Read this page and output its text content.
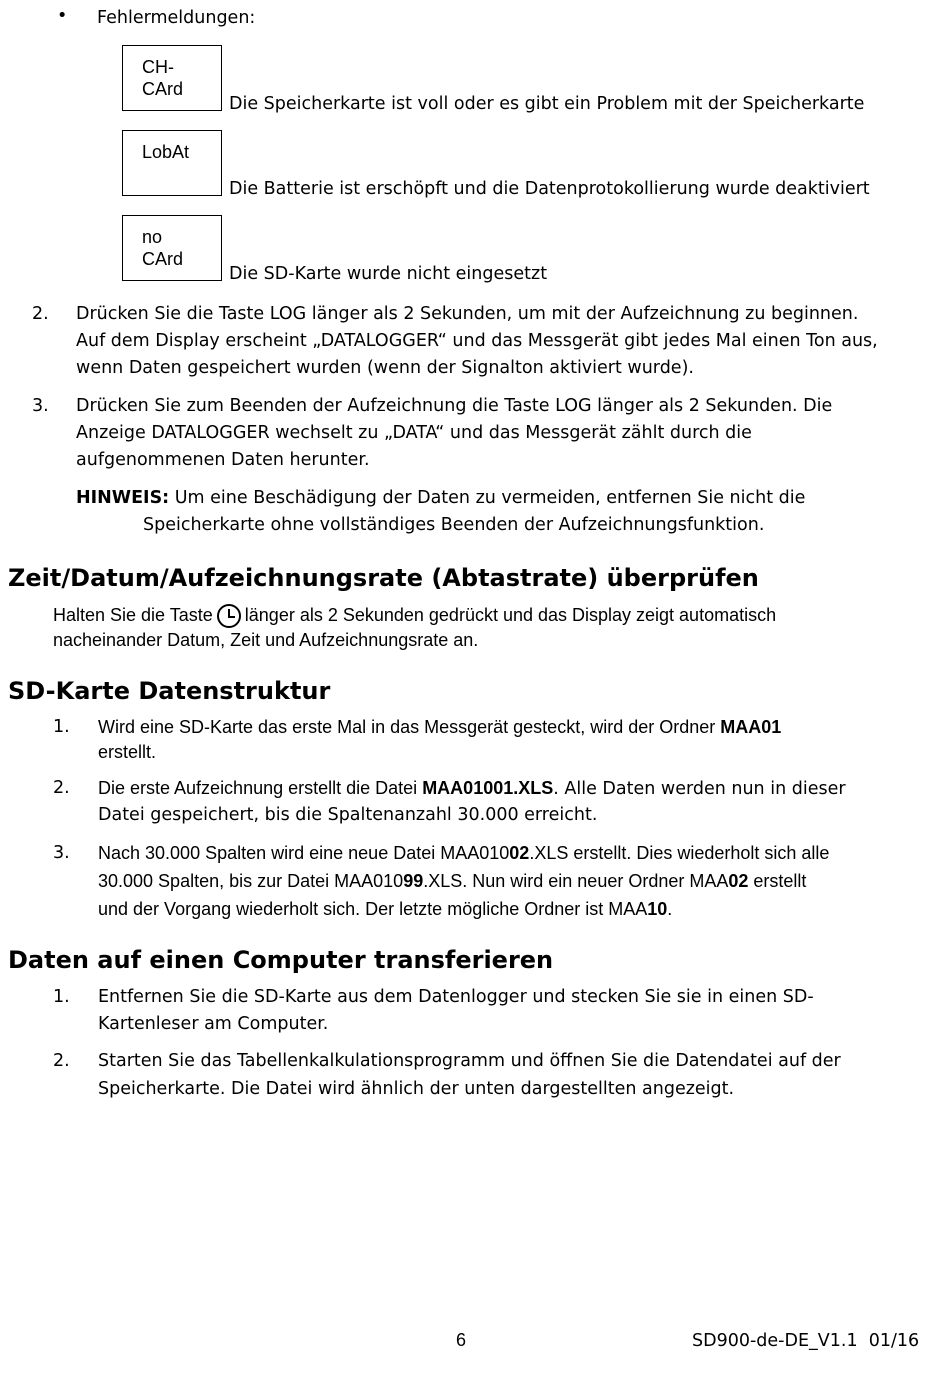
• Fehlermeldungen:
CH-
CArd
Die Speicherkarte ist voll oder es gibt ein Problem mit der Speicherkarte
LobAt
Die Batterie ist erschöpft und die Datenprotokollierung wurde deaktiviert
no
CArd
Die SD-Karte wurde nicht eingesetzt
2. Drücken Sie die Taste LOG länger als 2 Sekunden, um mit der Aufzeichnung zu beginnen.
Auf dem Display erscheint „DATALOGGER“ und das Messgerät gibt jedes Mal einen Ton aus,
wenn Daten gespeichert wurden (wenn der Signalton aktiviert wurde).
3. Drücken Sie zum Beenden der Aufzeichnung die Taste LOG länger als 2 Sekunden. Die
Anzeige DATALOGGER wechselt zu „DATA“ und das Messgerät zählt durch die
aufgenommenen Daten herunter.
HINWEIS: Um eine Beschädigung der Daten zu vermeiden, entfernen Sie nicht die
Speicherkarte ohne vollständiges Beenden der Aufzeichnungsfunktion.
Zeit/Datum/Aufzeichnungsrate (Abtastrate) überprüfen
Halten Sie die Taste länger als 2 Sekunden gedrückt und das Display zeigt automatisch
nacheinander Datum, Zeit und Aufzeichnungsrate an.
SD-Karte Datenstruktur
1. Wird eine SD-Karte das erste Mal in das Messgerät gesteckt, wird der Ordner MAA01
erstellt.
2. Die erste Aufzeichnung erstellt die Datei MAA01001.XLS. Alle Daten werden nun in dieser
Datei gespeichert, bis die Spaltenanzahl 30.000 erreicht.
3. Nach 30.000 Spalten wird eine neue Datei MAA01002.XLS erstellt. Dies wiederholt sich alle
30.000 Spalten, bis zur Datei MAA01099.XLS. Nun wird ein neuer Ordner MAA02 erstellt
und der Vorgang wiederholt sich. Der letzte mögliche Ordner ist MAA10.
Daten auf einen Computer transferieren
1. Entfernen Sie die SD-Karte aus dem Datenlogger und stecken Sie sie in einen SD-
Kartenleser am Computer.
2. Starten Sie das Tabellenkalkulationsprogramm und öffnen Sie die Datendatei auf der
Speicherkarte. Die Datei wird ähnlich der unten dargestellten angezeigt.
6	SD900-de-DE_V1.1  01/16
